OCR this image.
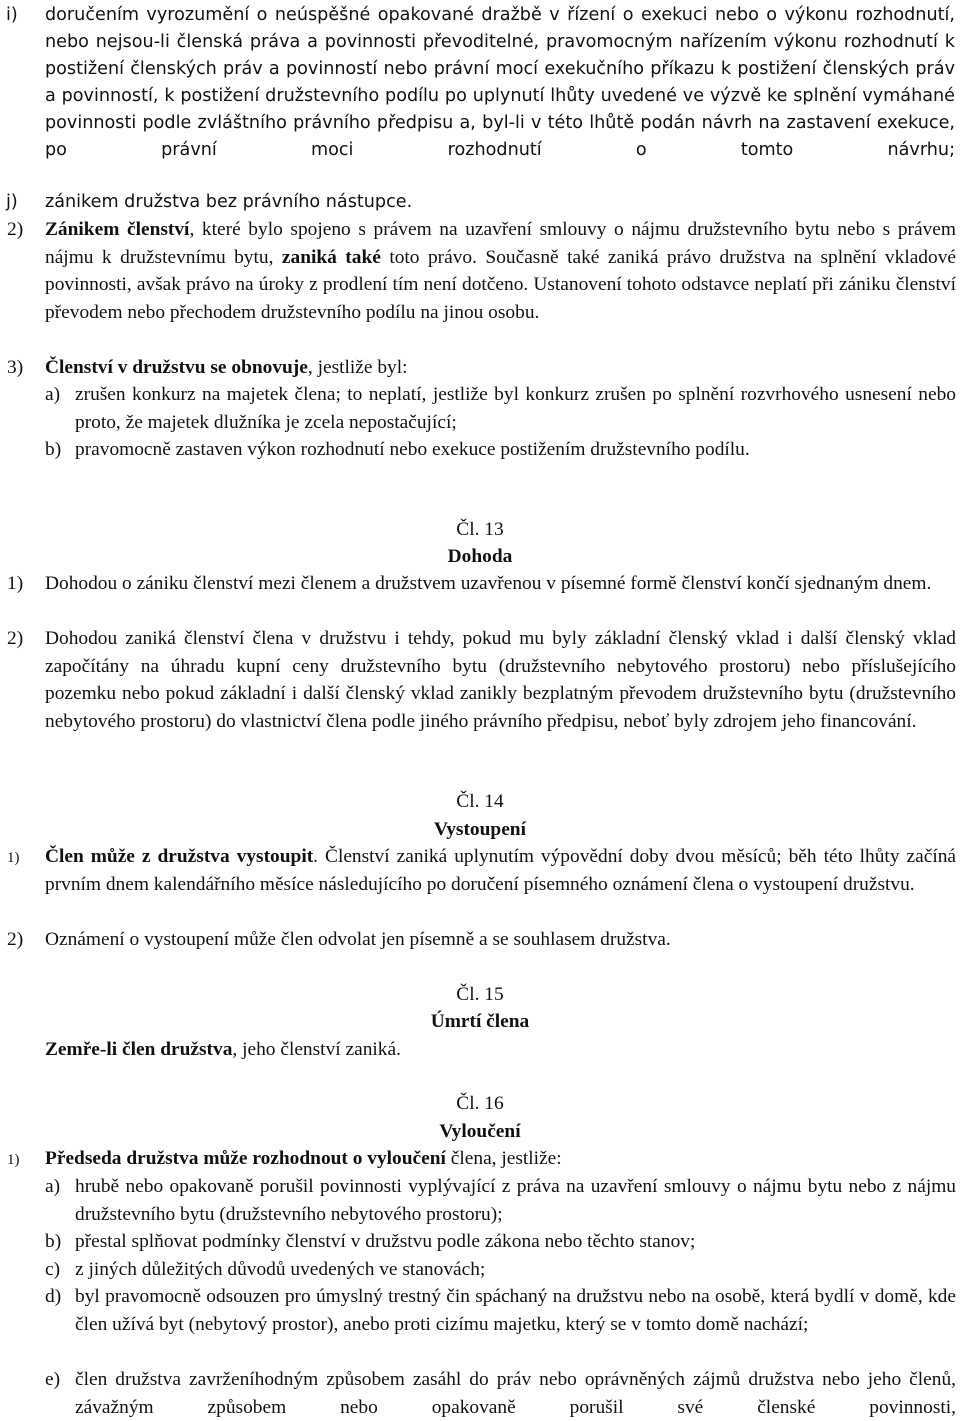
i) doručením vyrozumění o neúspěšné opakované dražbě v řízení o exekuci nebo o výkonu rozhodnutí, nebo nejsou-li členská práva a povinnosti převoditelné, pravomocným nařízením výkonu rozhodnutí k postižení členských práv a povinností nebo právní mocí exekučního příkazu k postižení členských práv a povinností, k postižení družstevního podílu po uplynutí lhůty uvedené ve výzvě ke splnění vymáhané povinnosti podle zvláštního právního předpisu a, byl-li v této lhůtě podán návrh na zastavení exekuce, po právní moci rozhodnutí o tomto návrhu;

j) zánikem družstva bez právního nástupce.
2) Zánikem členství, které bylo spojeno s právem na uzavření smlouvy o nájmu družstevního bytu nebo s právem nájmu k družstevnímu bytu, zaniká také toto právo. Současně také zaniká právo družstva na splnění vkladové povinnosti, avšak právo na úroky z prodlení tím není dotčeno. Ustanovení tohoto odstavce neplatí při zániku členství převodem nebo přechodem družstevního podílu na jinou osobu.

3) Členství v družstvu se obnovuje, jestliže byl:

a) zrušen konkurz na majetek člena; to neplatí, jestliže byl konkurz zrušen po splnění rozvrhového usnesení nebo proto, že majetek dlužníka je zcela nepostačující;

b) pravomocně zastaven výkon rozhodnutí nebo exekuce postižením družstevního podílu.

Čl. 13
Dohoda
1) Dohodou o zániku členství mezi členem a družstvem uzavřenou v písemné formě členství končí sjednaným dnem.

2) Dohodou zaniká členství člena v družstvu i tehdy, pokud mu byly základní členský vklad i další členský vklad započítány na úhradu kupní ceny družstevního bytu (družstevního nebytového prostoru) nebo příslušejícího pozemku nebo pokud základní i další členský vklad zanikly bezplatným převodem družstevního bytu (družstevního nebytového prostoru) do vlastnictví člena podle jiného právního předpisu, neboť byly zdrojem jeho financování.

Čl. 14
Vystoupení
1) Člen může z družstva vystoupit. Členství zaniká uplynutím výpovědní doby dvou měsíců; běh této lhůty začíná prvním dnem kalendářního měsíce následujícího po doručení písemného oznámení člena o vystoupení družstvu.

2) Oznámení o vystoupení může člen odvolat jen písemně a se souhlasem družstva.

Čl. 15
Úmrtí člena

Zemře-li člen družstva, jeho členství zaniká.

Čl. 16
Vyloučení
1) Předseda družstva může rozhodnout o vyloučení člena, jestliže:

a) hrubě nebo opakovaně porušil povinnosti vyplývající z práva na uzavření smlouvy o nájmu bytu nebo z nájmu družstevního bytu (družstevního nebytového prostoru);

b) přestal splňovat podmínky členství v družstvu podle zákona nebo těchto stanov;

c) z jiných důležitých důvodů uvedených ve stanovách;

d) byl pravomocně odsouzen pro úmyslný trestný čin spáchaný na družstvu nebo na osobě, která bydlí v domě, kde člen užívá byt (nebytový prostor), anebo proti cizímu majetku, který se v tomto domě nachází;

e) člen družstva zavrženíhodným způsobem zasáhl do práv nebo oprávněných zájmů družstva nebo jeho členů, závažným způsobem nebo opakovaně porušil své členské povinnosti,
